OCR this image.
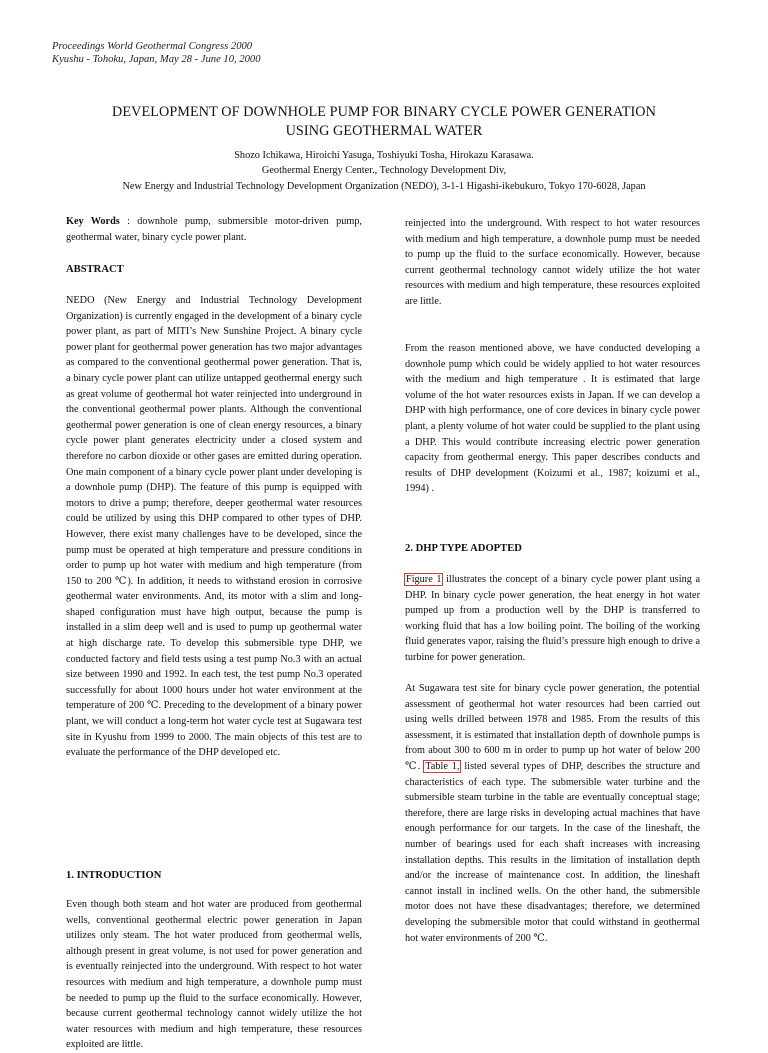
Proceedings World Geothermal Congress 2000
Kyushu - Tohoku, Japan, May 28 - June 10, 2000
DEVELOPMENT OF DOWNHOLE PUMP FOR BINARY CYCLE POWER GENERATION
USING GEOTHERMAL WATER
Shozo Ichikawa, Hiroichi Yasuga, Toshiyuki Tosha, Hirokazu Karasawa.
Geothermal Energy Center., Technology Development Div,
New Energy and Industrial Technology Development Organization (NEDO), 3-1-1 Higashi-ikebukuro, Tokyo 170-6028, Japan

Key Words : downhole pump, submersible motor-driven pump, geothermal water, binary cycle power plant.

ABSTRACT

NEDO (New Energy and Industrial Technology Development Organization) is currently engaged in the development of a binary cycle power plant, as part of MITI’s New Sunshine Project. A binary cycle power plant for geothermal power generation has two major advantages as compared to the conventional geothermal power generation. That is, a binary cycle power plant can utilize untapped geothermal energy such as great volume of geothermal hot water reinjected into underground in the conventional geothermal power plants. Although the conventional geothermal power generation is one of clean energy resources, a binary cycle power plant generates electricity under a closed system and therefore no carbon dioxide or other gases are emitted during operation. One main component of a binary cycle power plant under developing is a downhole pump (DHP). The feature of this pump is equipped with motors to drive a pump; therefore, deeper geothermal water resources could be utilized by using this DHP compared to other types of DHP. However, there exist many challenges have to be developed, since the pump must be operated at high temperature and pressure conditions in order to pump up hot water with medium and high temperature (from 150 to 200 ℃). In addition, it needs to withstand erosion in corrosive geothermal water environments. And, its motor with a slim and long-shaped configuration must have high output, because the pump is installed in a slim deep well and is used to pump up geothermal water at high discharge rate. To develop this submersible type DHP, we conducted factory and field tests using a test pump No.3 with an actual size between 1990 and 1992. In each test, the test pump No.3 operated successfully for about 1000 hours under hot water environment at the temperature of 200 ℃. Preceding to the development of a binary power plant, we will conduct a long-term hot water cycle test at Sugawara test site in Kyushu from 1999 to 2000. The main objects of this test are to evaluate the performance of the DHP developed etc.

1. INTRODUCTION

Even though both steam and hot water are produced from geothermal wells, conventional geothermal electric power generation in Japan utilizes only steam. The hot water produced from geothermal wells, although present in great volume, is not used for power generation and is eventually reinjected into the underground. With respect to hot water resources with medium and high temperature, a downhole pump must be needed to pump up the fluid to the surface economically. However, because current geothermal technology cannot widely utilize the hot water resources with medium and high temperature, these resources exploited are little.

reinjected into the underground. With respect to hot water resources with medium and high temperature, a downhole pump must be needed to pump up the fluid to the surface economically. However, because current geothermal technology cannot widely utilize the hot water resources with medium and high temperature, these resources exploited are little.

From the reason mentioned above, we have conducted developing a downhole pump which could be widely applied to hot water resources with the medium and high temperature . It is estimated that large volume of the hot water resources exists in Japan. If we can develop a DHP with high performance, one of core devices in binary cycle power plant, a plenty volume of hot water could be supplied to the plant using a DHP. This would contribute increasing electric power generation capacity from geothermal energy. This paper describes conducts and results of DHP development (Koizumi et al., 1987; koizumi et al., 1994) .

2. DHP TYPE ADOPTED

Figure 1 illustrates the concept of a binary cycle power plant using a DHP. In binary cycle power generation, the heat energy in hot water pumped up from a production well by the DHP is transferred to working fluid that has a low boiling point. The boiling of the working fluid generates vapor, raising the fluid’s pressure high enough to drive a turbine for power generation.

At Sugawara test site for binary cycle power generation, the potential assessment of geothermal hot water resources had been carried out using wells drilled between 1978 and 1985. From the results of this assessment, it is estimated that installation depth of downhole pumps is from about 300 to 600 m in order to pump up hot water of below 200 ℃. Table 1, listed several types of DHP, describes the structure and characteristics of each type. The submersible water turbine and the submersible steam turbine in the table are eventually conceptual stage; therefore, there are large risks in developing actual machines that have enough performance for our targets. In the case of the lineshaft, the number of bearings used for each shaft increases with increasing installation depths. This results in the limitation of installation depth and/or the increase of maintenance cost. In addition, the lineshaft cannot install in inclined wells. On the other hand, the submersible motor does not have these disadvantages; therefore, we determined developing the submersible motor that could withstand in geothermal hot water environments of 200 ℃.
